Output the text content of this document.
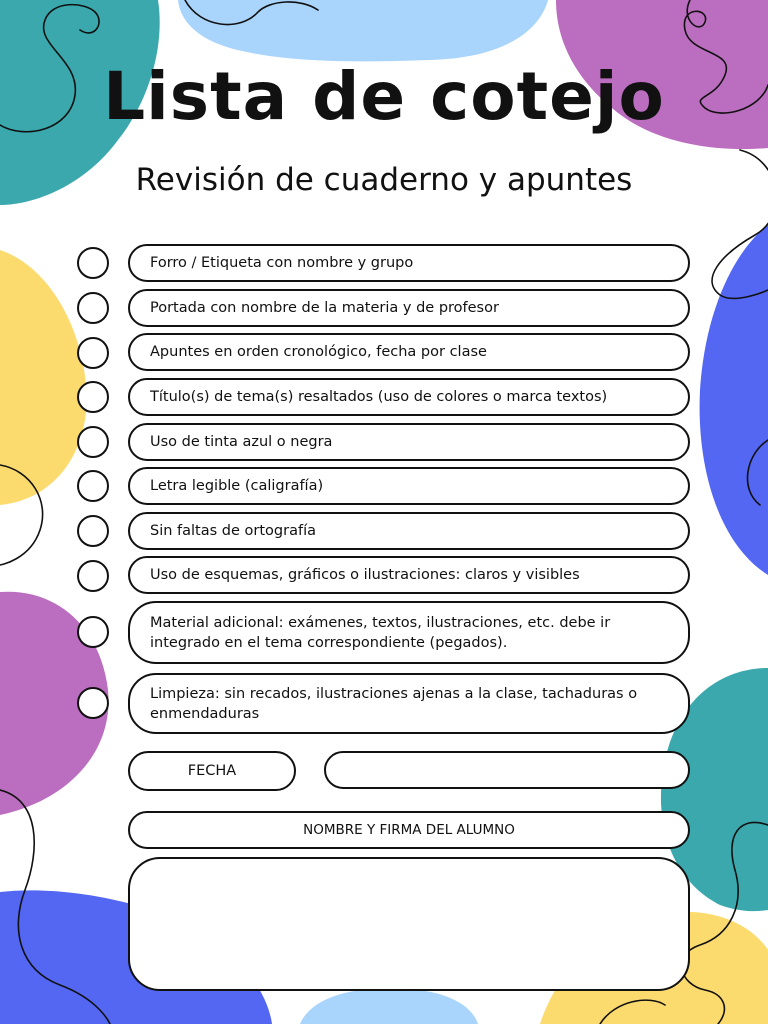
Lista de cotejo
Revisión de cuaderno y apuntes
Forro / Etiqueta con nombre y grupo
Portada con nombre de la materia y de profesor
Apuntes en orden cronológico, fecha por clase
Título(s) de tema(s) resaltados (uso de colores o marca textos)
Uso de tinta azul o negra
Letra legible (caligrafía)
Sin faltas de ortografía
Uso de esquemas, gráficos o ilustraciones: claros y visibles
Material adicional: exámenes, textos, ilustraciones, etc. debe ir integrado en el tema correspondiente (pegados).
Limpieza: sin recados, ilustraciones ajenas a la clase, tachaduras o enmendaduras
FECHA
NOMBRE Y FIRMA DEL ALUMNO
